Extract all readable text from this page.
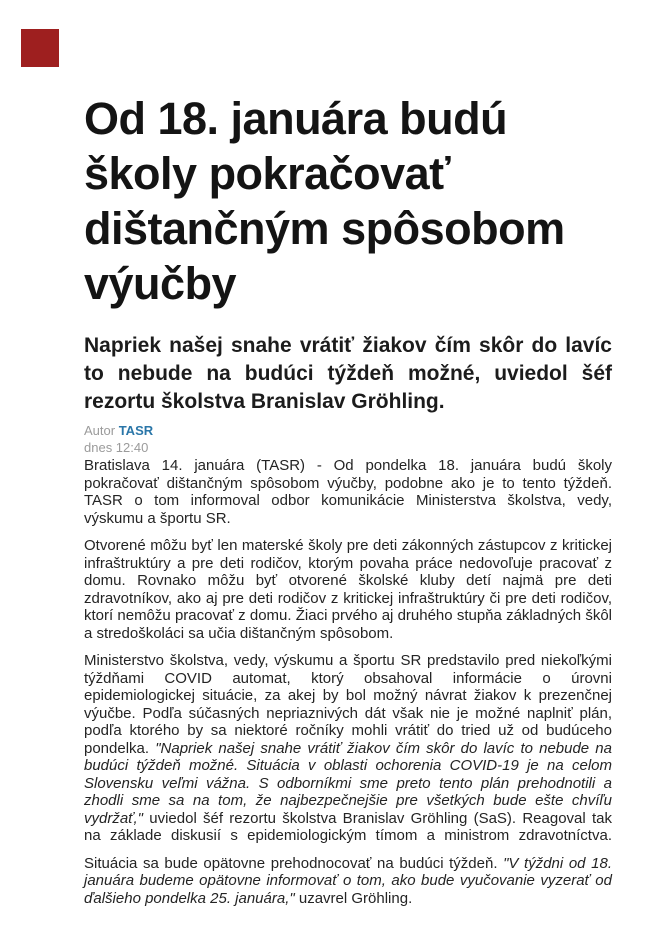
Od 18. januára budú školy pokračovať dištančným spôsobom výučby

Napriek našej snahe vrátiť žiakov čím skôr do lavíc to nebude na budúci týždeň možné, uviedol šéf rezortu školstva Branislav Gröhling.

Autor TASR
dnes 12:40

Bratislava 14. januára (TASR) - Od pondelka 18. januára budú školy pokračovať dištančným spôsobom výučby, podobne ako je to tento týždeň. TASR o tom informoval odbor komunikácie Ministerstva školstva, vedy, výskumu a športu SR.

Otvorené môžu byť len materské školy pre deti zákonných zástupcov z kritickej infraštruktúry a pre deti rodičov, ktorým povaha práce nedovoľuje pracovať z domu. Rovnako môžu byť otvorené školské kluby detí najmä pre deti zdravotníkov, ako aj pre deti rodičov z kritickej infraštruktúry či pre deti rodičov, ktorí nemôžu pracovať z domu. Žiaci prvého aj druhého stupňa základných škôl a stredoškoláci sa učia dištančným spôsobom.

Ministerstvo školstva, vedy, výskumu a športu SR predstavilo pred niekoľkými týždňami COVID automat, ktorý obsahoval informácie o úrovni epidemiologickej situácie, za akej by bol možný návrat žiakov k prezenčnej výučbe. Podľa súčasných nepriaznivých dát však nie je možné naplniť plán, podľa ktorého by sa niektoré ročníky mohli vrátiť do tried už od budúceho pondelka. "Napriek našej snahe vrátiť žiakov čím skôr do lavíc to nebude na budúci týždeň možné. Situácia v oblasti ochorenia COVID-19 je na celom Slovensku veľmi vážna. S odborníkmi sme preto tento plán prehodnotili a zhodli sme sa na tom, že najbezpečnejšie pre všetkých bude ešte chvíľu vydržať," uviedol šéf rezortu školstva Branislav Gröhling (SaS). Reagoval tak na základe diskusií s epidemiologickým tímom a ministrom zdravotníctva.

Situácia sa bude opätovne prehodnocovať na budúci týždeň. "V týždni od 18. januára budeme opätovne informovať o tom, ako bude vyučovanie vyzerať od ďalšieho pondelka 25. januára," uzavrel Gröhling.
